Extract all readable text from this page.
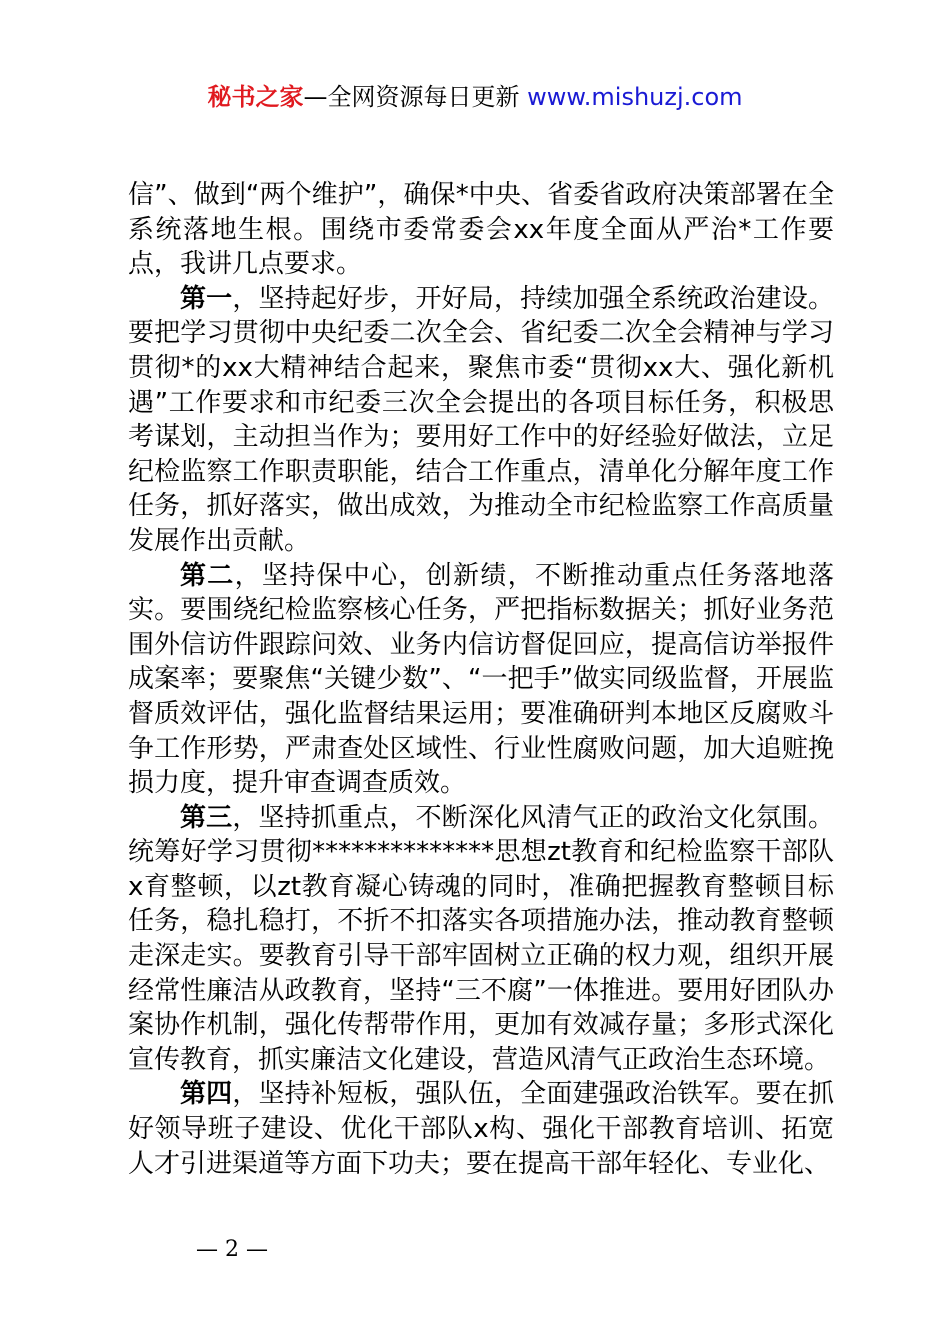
秘书之家—全网资源每日更新 www.mishuzj.com

信”、做到“两个维护”，确保*中央、省委省政府决策部署在全系统落地生根。围绕市委常委会xx年度全面从严治*工作要点，我讲几点要求。

第一，坚持起好步，开好局，持续加强全系统政治建设。要把学习贯彻中央纪委二次全会、省纪委二次全会精神与学习贯彻*的xx大精神结合起来，聚焦市委“贯彻xx大、强化新机遇”工作要求和市纪委三次全会提出的各项目标任务，积极思考谋划，主动担当作为；要用好工作中的好经验好做法，立足纪检监察工作职责职能，结合工作重点，清单化分解年度工作任务，抓好落实，做出成效，为推动全市纪检监察工作高质量发展作出贡献。

第二，坚持保中心，创新绩，不断推动重点任务落地落实。要围绕纪检监察核心任务，严把指标数据关；抓好业务范围外信访件跟踪问效、业务内信访督促回应，提高信访举报件成案率；要聚焦“关键少数”、“一把手”做实同级监督，开展监督质效评估，强化监督结果运用；要准确研判本地区反腐败斗争工作形势，严肃查处区域性、行业性腐败问题，加大追赃挽损力度，提升审查调查质效。

第三，坚持抓重点，不断深化风清气正的政治文化氛围。统筹好学习贯彻**************思想zt教育和纪检监察干部队x育整顿，以zt教育凝心铸魂的同时，准确把握教育整顿目标任务，稳扎稳打，不折不扣落实各项措施办法，推动教育整顿走深走实。要教育引导干部牢固树立正确的权力观，组织开展经常性廉洁从政教育，坚持“三不腐”一体推进。要用好团队办案协作机制，强化传帮带作用，更加有效减存量；多形式深化宣传教育，抓实廉洁文化建设，营造风清气正政治生态环境。

第四，坚持补短板，强队伍，全面建强政治铁军。要在抓好领导班子建设、优化干部队x构、强化干部教育培训、拓宽人才引进渠道等方面下功夫；要在提高干部年轻化、专业化、

— 2 —
